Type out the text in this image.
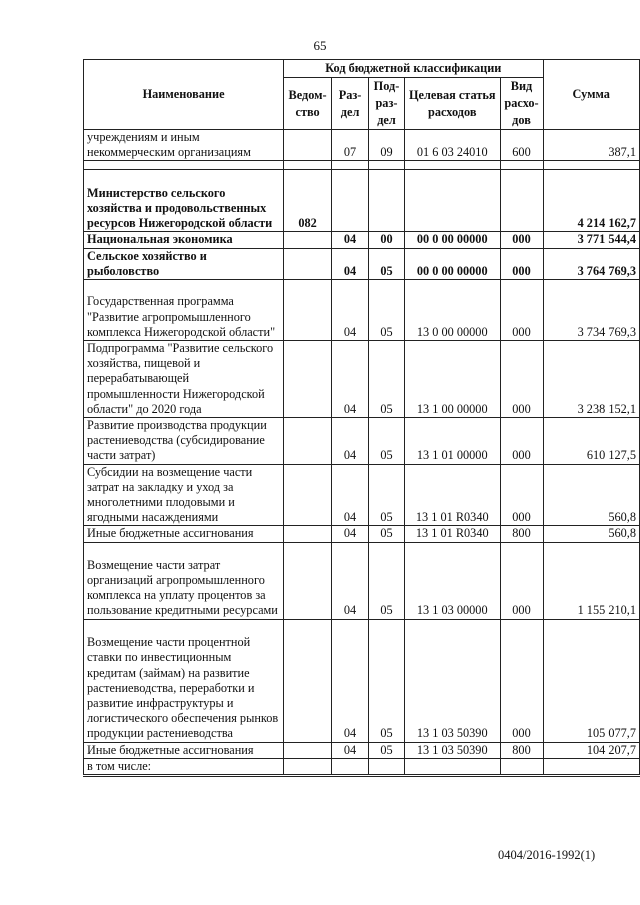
65
Наименование	Код бюджетной классификации					Сумма
	Ведом-ство	Раз-дел	Под-раз-дел	Целевая статья расходов	Вид расхо-дов	
учреждениям и иным некоммерческим организациям		07	09	01 6 03 24010	600	387,1

Министерство сельского хозяйства и продовольственных ресурсов Нижегородской области	082					4 214 162,7
Национальная экономика		04	00	00 0 00 00000	000	3 771 544,4
Сельское хозяйство и рыболовство		04	05	00 0 00 00000	000	3 764 769,3
Государственная программа "Развитие агропромышленного комплекса Нижегородской области"		04	05	13 0 00 00000	000	3 734 769,3
Подпрограмма "Развитие сельского хозяйства, пищевой и перерабатывающей промышленности Нижегородской области" до 2020 года		04	05	13 1 00 00000	000	3 238 152,1
Развитие производства продукции растениеводства (субсидирование части затрат)		04	05	13 1 01 00000	000	610 127,5
Субсидии на возмещение части затрат на закладку и уход за многолетними плодовыми и ягодными насаждениями		04	05	13 1 01 R0340	000	560,8
Иные бюджетные ассигнования		04	05	13 1 01 R0340	800	560,8
Возмещение части затрат организаций агропромышленного комплекса на уплату процентов за пользование кредитными ресурсами		04	05	13 1 03 00000	000	1 155 210,1
Возмещение части процентной ставки по инвестиционным кредитам (займам) на развитие растениеводства, переработки и развитие инфраструктуры и логистического обеспечения рынков продукции растениеводства		04	05	13 1 03 50390	000	105 077,7
Иные бюджетные ассигнования		04	05	13 1 03 50390	800	104 207,7
в том числе:						
0404/2016-1992(1)
